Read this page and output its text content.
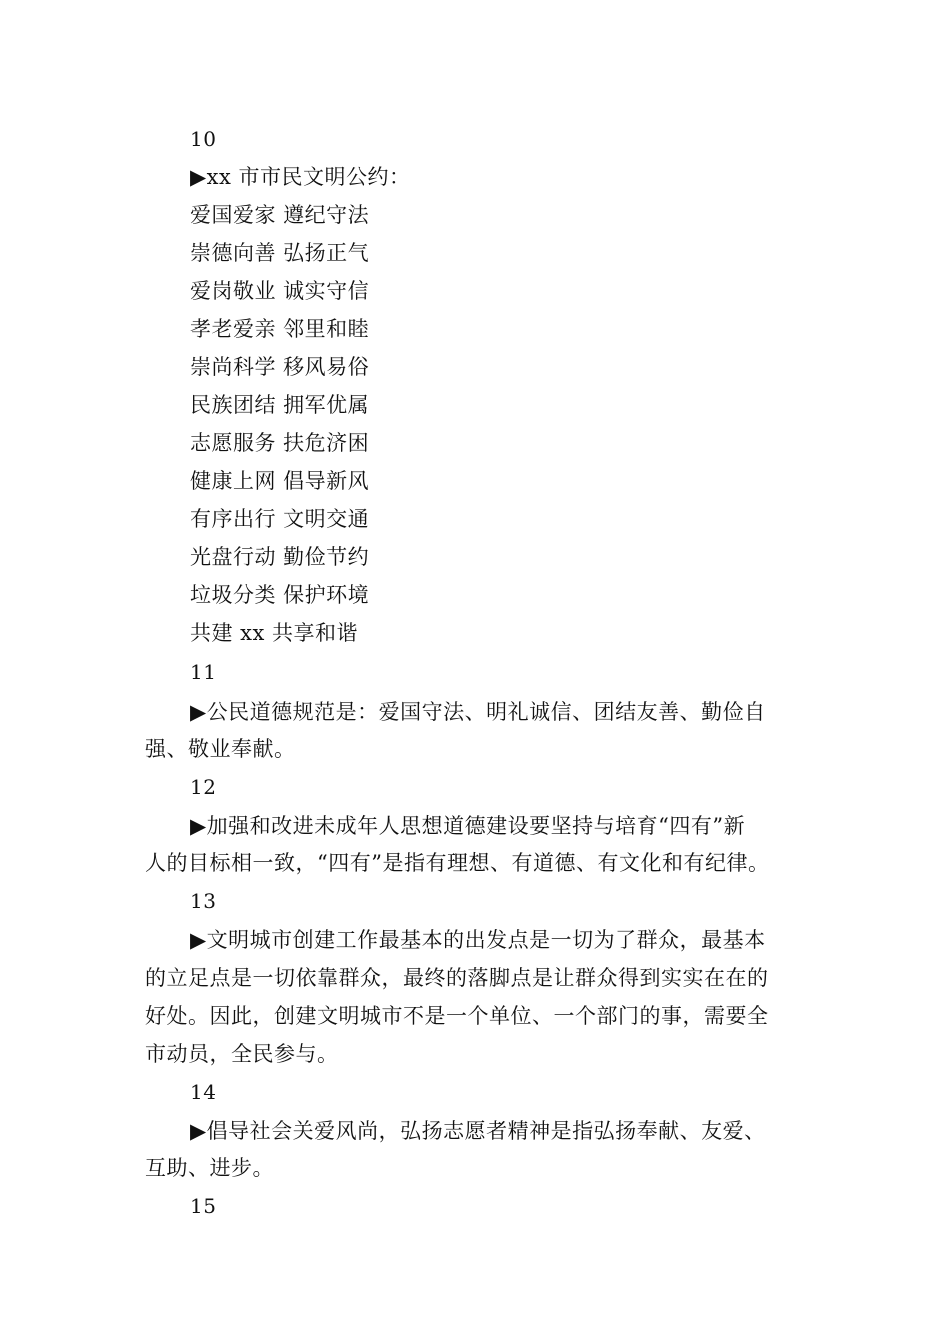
10
▶xx 市市民文明公约：
爱国爱家 遵纪守法
崇德向善 弘扬正气
爱岗敬业 诚实守信
孝老爱亲 邻里和睦
崇尚科学 移风易俗
民族团结 拥军优属
志愿服务 扶危济困
健康上网 倡导新风
有序出行 文明交通
光盘行动 勤俭节约
垃圾分类 保护环境
共建 xx 共享和谐
11
▶公民道德规范是：爱国守法、明礼诚信、团结友善、勤俭自
强、敬业奉献。
12
▶加强和改进未成年人思想道德建设要坚持与培育“四有”新
人的目标相一致，“四有”是指有理想、有道德、有文化和有纪律。
13
▶文明城市创建工作最基本的出发点是一切为了群众，最基本
的立足点是一切依靠群众，最终的落脚点是让群众得到实实在在的
好处。因此，创建文明城市不是一个单位、一个部门的事，需要全
市动员，全民参与。
14
▶倡导社会关爱风尚，弘扬志愿者精神是指弘扬奉献、友爱、
互助、进步。
15
